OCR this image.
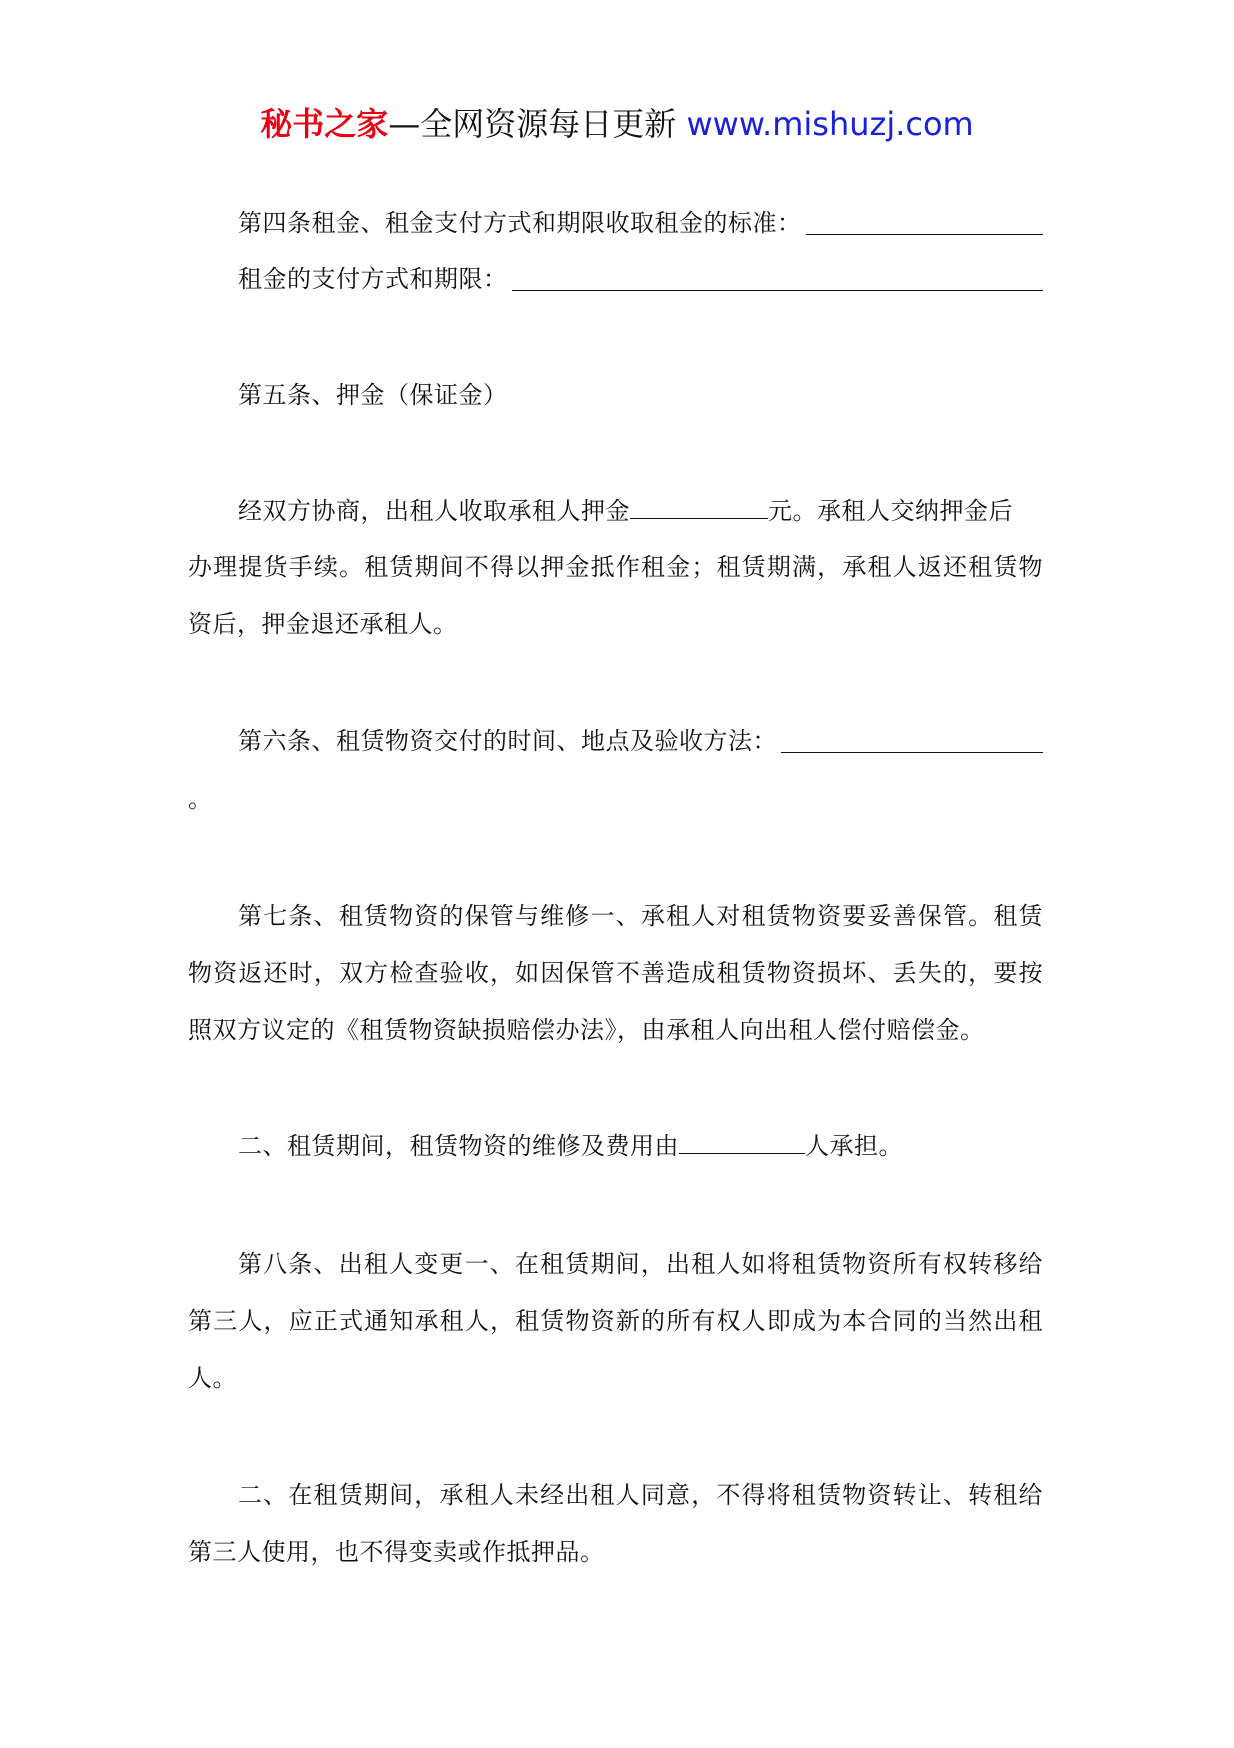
秘书之家—全网资源每日更新 www.mishuzj.com
第四条租金、租金支付方式和期限收取租金的标准：
租金的支付方式和期限：
第五条、押金（保证金）
经双方协商，出租人收取承租人押金	元。承租人交纳押金后
办理提货手续。租赁期间不得以押金抵作租金；租赁期满，承租人返还租赁物
资后，押金退还承租人。
第六条、租赁物资交付的时间、地点及验收方法：
。
第七条、租赁物资的保管与维修一、承租人对租赁物资要妥善保管。租赁
物资返还时，双方检查验收，如因保管不善造成租赁物资损坏、丢失的，要按
照双方议定的《租赁物资缺损赔偿办法》，由承租人向出租人偿付赔偿金。
二、租赁期间，租赁物资的维修及费用由	人承担。
第八条、出租人变更一、在租赁期间，出租人如将租赁物资所有权转移给
第三人，应正式通知承租人，租赁物资新的所有权人即成为本合同的当然出租
人。
二、在租赁期间，承租人未经出租人同意，不得将租赁物资转让、转租给
第三人使用，也不得变卖或作抵押品。
